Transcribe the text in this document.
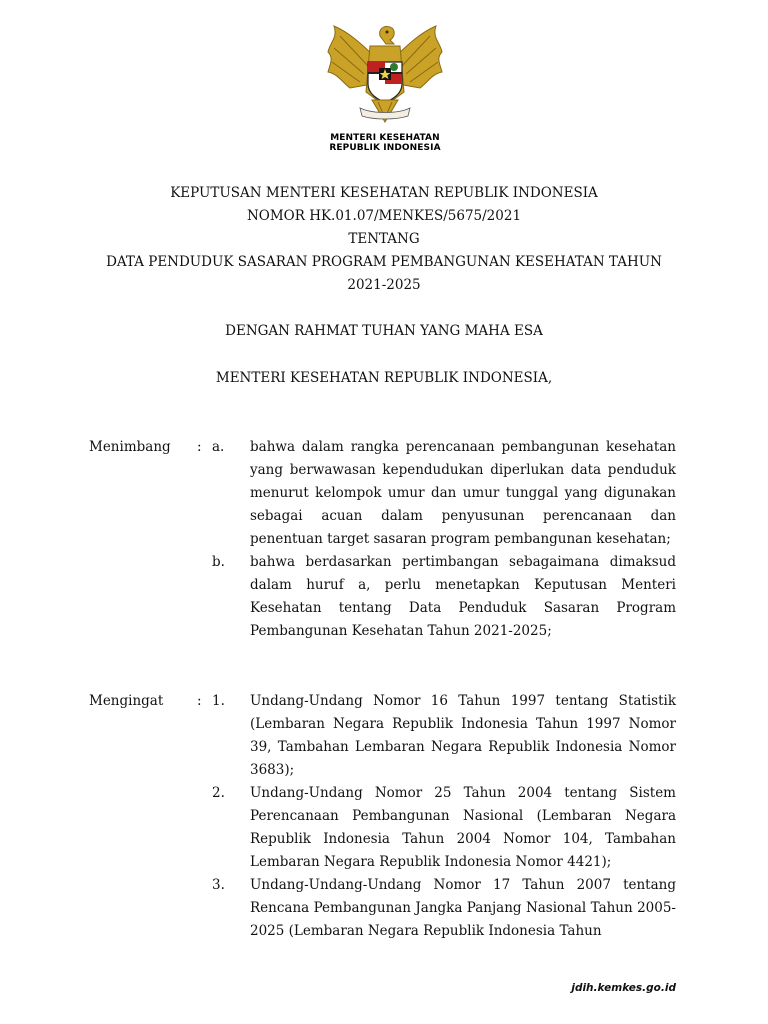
MENTERI KESEHATAN
REPUBLIK INDONESIA
KEPUTUSAN MENTERI KESEHATAN REPUBLIK INDONESIA
NOMOR HK.01.07/MENKES/5675/2021
TENTANG
DATA PENDUDUK SASARAN PROGRAM PEMBANGUNAN KESEHATAN TAHUN
2021-2025
DENGAN RAHMAT TUHAN YANG MAHA ESA
MENTERI KESEHATAN REPUBLIK INDONESIA,
Menimbang : a.	bahwa dalam rangka perencanaan pembangunan kesehatan yang berwawasan kependudukan diperlukan data penduduk menurut kelompok umur dan umur tunggal yang digunakan sebagai acuan dalam penyusunan perencanaan dan penentuan target sasaran program pembangunan kesehatan;
b.	bahwa berdasarkan pertimbangan sebagaimana dimaksud dalam huruf a, perlu menetapkan Keputusan Menteri Kesehatan tentang Data Penduduk Sasaran Program Pembangunan Kesehatan Tahun 2021-2025;
Mengingat : 1.	Undang-Undang Nomor 16 Tahun 1997 tentang Statistik (Lembaran Negara Republik Indonesia Tahun 1997 Nomor 39, Tambahan Lembaran Negara Republik Indonesia Nomor 3683);
2.	Undang-Undang Nomor 25 Tahun 2004 tentang Sistem Perencanaan Pembangunan Nasional (Lembaran Negara Republik Indonesia Tahun 2004 Nomor 104, Tambahan Lembaran Negara Republik Indonesia Nomor 4421);
3.	Undang-Undang-Undang Nomor 17 Tahun 2007 tentang Rencana Pembangunan Jangka Panjang Nasional Tahun 2005-2025 (Lembaran Negara Republik Indonesia Tahun
jdih.kemkes.go.id
